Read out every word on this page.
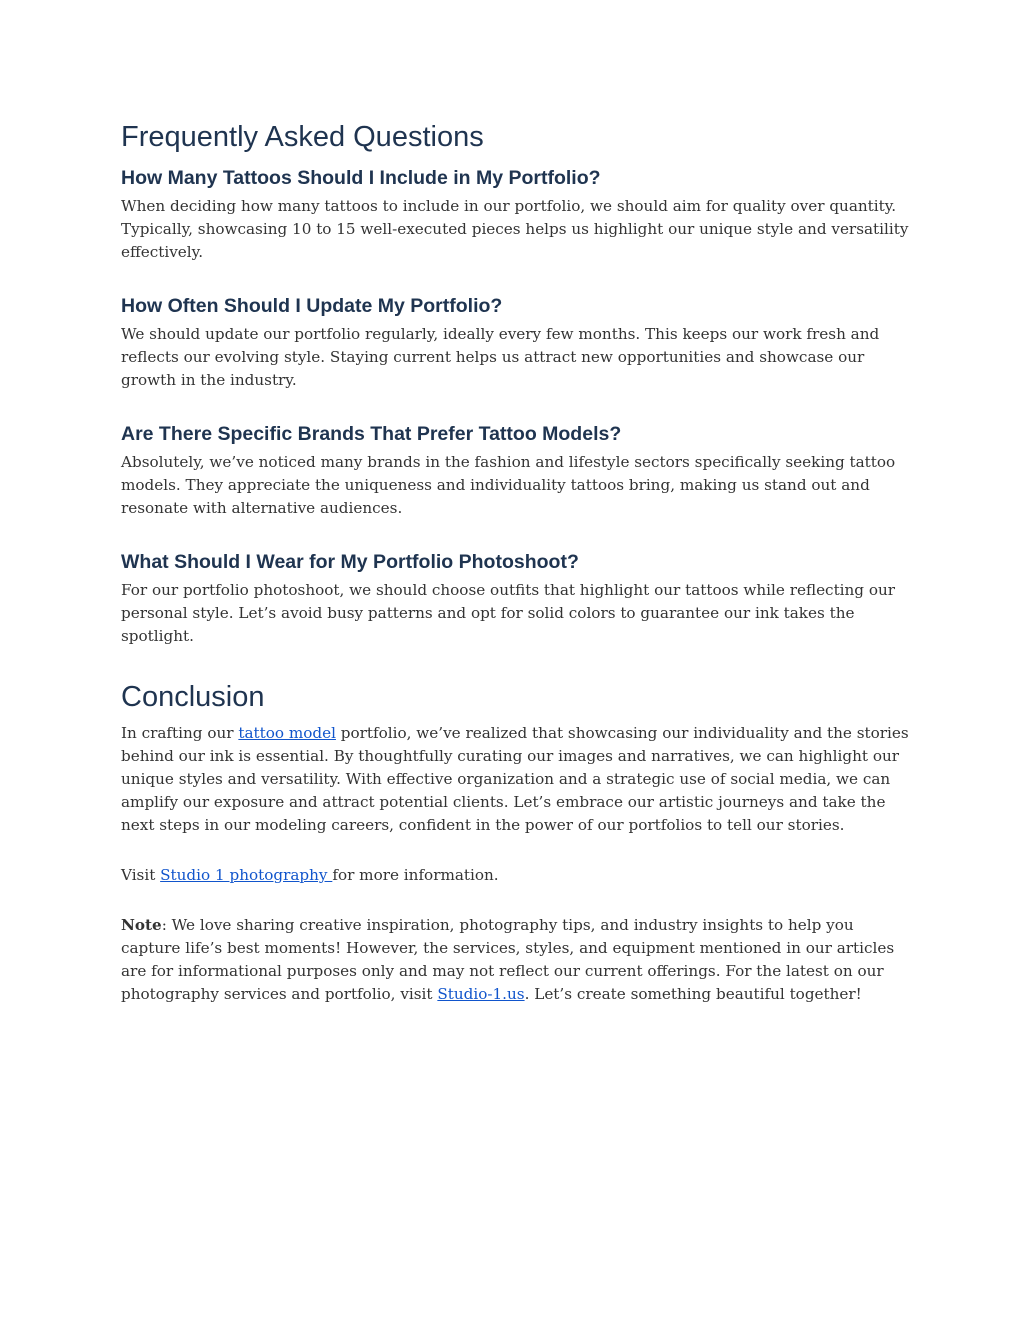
Frequently Asked Questions
How Many Tattoos Should I Include in My Portfolio?

When deciding how many tattoos to include in our portfolio, we should aim for quality over quantity. Typically, showcasing 10 to 15 well-executed pieces helps us highlight our unique style and versatility effectively.

How Often Should I Update My Portfolio?

We should update our portfolio regularly, ideally every few months. This keeps our work fresh and reflects our evolving style. Staying current helps us attract new opportunities and showcase our growth in the industry.

Are There Specific Brands That Prefer Tattoo Models?

Absolutely, we’ve noticed many brands in the fashion and lifestyle sectors specifically seeking tattoo models. They appreciate the uniqueness and individuality tattoos bring, making us stand out and resonate with alternative audiences.

What Should I Wear for My Portfolio Photoshoot?

For our portfolio photoshoot, we should choose outfits that highlight our tattoos while reflecting our personal style. Let’s avoid busy patterns and opt for solid colors to guarantee our ink takes the spotlight.

Conclusion

In crafting our tattoo model portfolio, we’ve realized that showcasing our individuality and the stories behind our ink is essential. By thoughtfully curating our images and narratives, we can highlight our unique styles and versatility. With effective organization and a strategic use of social media, we can amplify our exposure and attract potential clients. Let’s embrace our artistic journeys and take the next steps in our modeling careers, confident in the power of our portfolios to tell our stories.

Visit Studio 1 photography for more information.

Note: We love sharing creative inspiration, photography tips, and industry insights to help you capture life’s best moments! However, the services, styles, and equipment mentioned in our articles are for informational purposes only and may not reflect our current offerings. For the latest on our photography services and portfolio, visit Studio-1.us. Let’s create something beautiful together!
